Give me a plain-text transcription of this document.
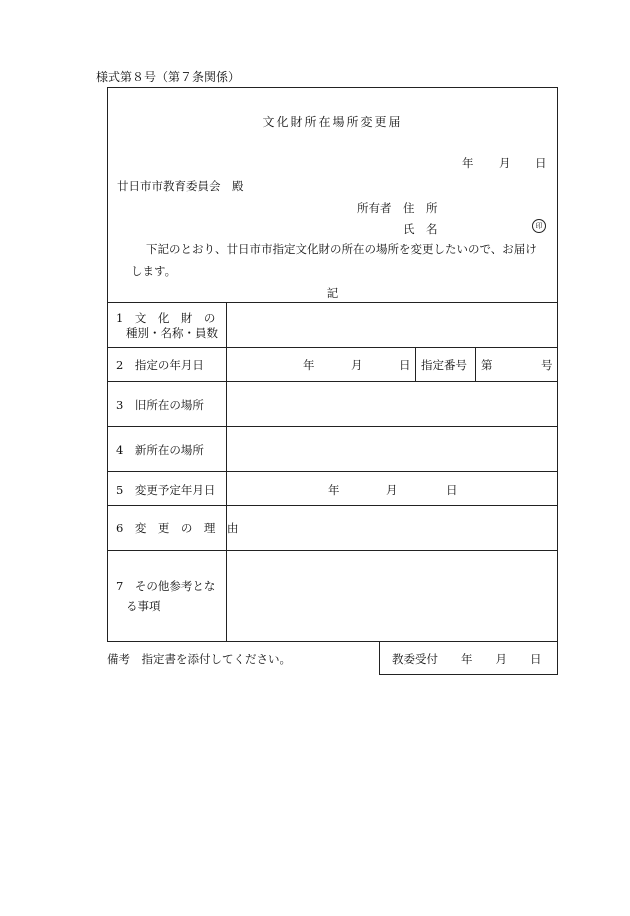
様式第８号（第７条関係）
文化財所在場所変更届
年 月 日
廿日市市教育委員会　殿
所有者　住　所
氏　名	印
下記のとおり、廿日市市指定文化財の所在の場所を変更したいので、お届け
します。
記
1　文　化　財　の
種別・名称・員数
2　指定の年月日	年	月	日 指定番号 第	号
3　旧所在の場所
4　新所在の場所
5　変更予定年月日	年	月	日
6　変　更　の　理　由
7　その他参考とな
る事項
備考　指定書を添付してください。	教委受付　　年　　月　　日
